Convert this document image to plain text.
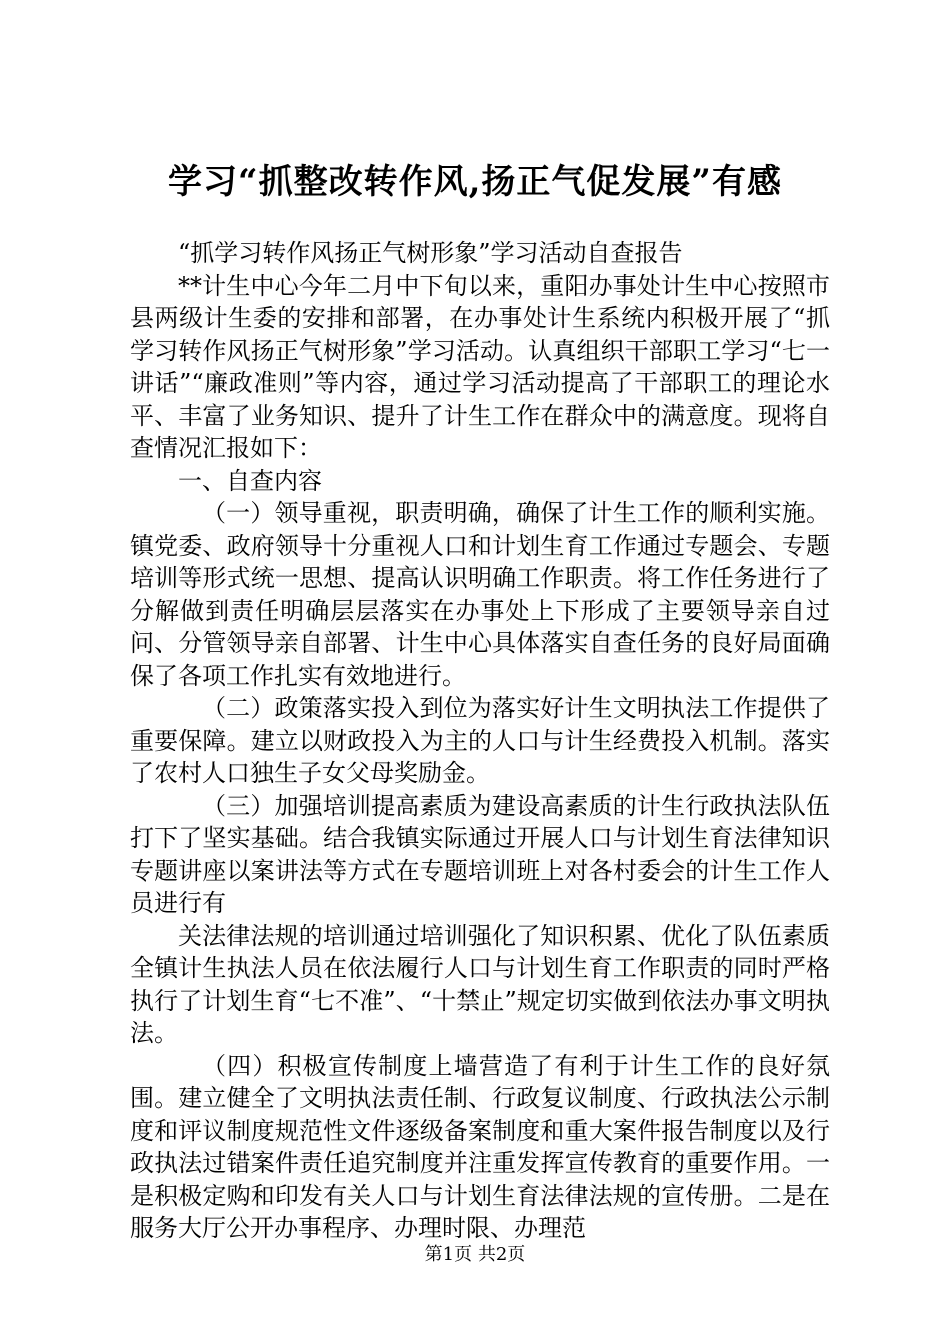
学习“抓整改转作风,扬正气促发展”有感

“抓学习转作风扬正气树形象”学习活动自查报告

**计生中心今年二月中下旬以来，重阳办事处计生中心按照市县两级计生委的安排和部署，在办事处计生系统内积极开展了“抓学习转作风扬正气树形象”学习活动。认真组织干部职工学习“七一讲话”“廉政准则”等内容，通过学习活动提高了干部职工的理论水平、丰富了业务知识、提升了计生工作在群众中的满意度。现将自查情况汇报如下：

一、自查内容

（一）领导重视，职责明确，确保了计生工作的顺利实施。镇党委、政府领导十分重视人口和计划生育工作通过专题会、专题培训等形式统一思想、提高认识明确工作职责。将工作任务进行了分解做到责任明确层层落实在办事处上下形成了主要领导亲自过问、分管领导亲自部署、计生中心具体落实自查任务的良好局面确保了各项工作扎实有效地进行。

（二）政策落实投入到位为落实好计生文明执法工作提供了重要保障。建立以财政投入为主的人口与计生经费投入机制。落实了农村人口独生子女父母奖励金。

（三）加强培训提高素质为建设高素质的计生行政执法队伍打下了坚实基础。结合我镇实际通过开展人口与计划生育法律知识专题讲座以案讲法等方式在专题培训班上对各村委会的计生工作人员进行有

关法律法规的培训通过培训强化了知识积累、优化了队伍素质全镇计生执法人员在依法履行人口与计划生育工作职责的同时严格执行了计划生育“七不准”、“十禁止”规定切实做到依法办事文明执法。

（四）积极宣传制度上墙营造了有利于计生工作的良好氛围。建立健全了文明执法责任制、行政复议制度、行政执法公示制度和评议制度规范性文件逐级备案制度和重大案件报告制度以及行政执法过错案件责任追究制度并注重发挥宣传教育的重要作用。一是积极定购和印发有关人口与计划生育法律法规的宣传册。二是在服务大厅公开办事程序、办理时限、办理范

第1页 共2页
